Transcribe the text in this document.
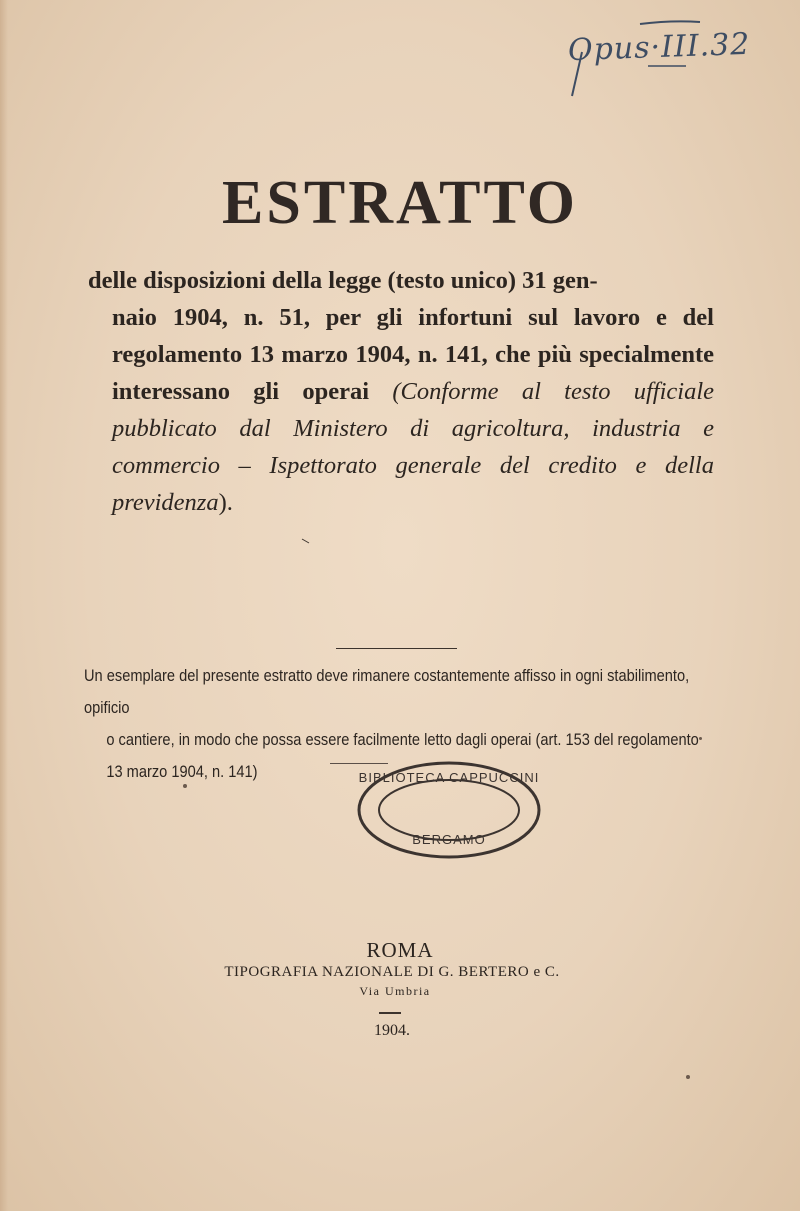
Opus·III.32
ESTRATTO
delle disposizioni della legge (testo unico) 31 gen-
naio 1904, n. 51, per gli infortuni sul lavoro e del regolamento 13 marzo 1904, n. 141, che più specialmente interessano gli operai (Conforme al testo ufficiale pubblicato dal Ministero di agricoltura, industria e commercio – Ispettorato generale del credito e della previdenza).
Un esemplare del presente estratto deve rimanere costantemente affisso in ogni stabilimento, opificio
o cantiere, in modo che possa essere facilmente letto dagli operai (art. 153 del regolamento 13 marzo 1904, n. 141)	BIBLIOTECA CAPPUCCINI
BERGAMO
ROMA
TIPOGRAFIA NAZIONALE DI G. BERTERO e C.
Via Umbria
1904.
